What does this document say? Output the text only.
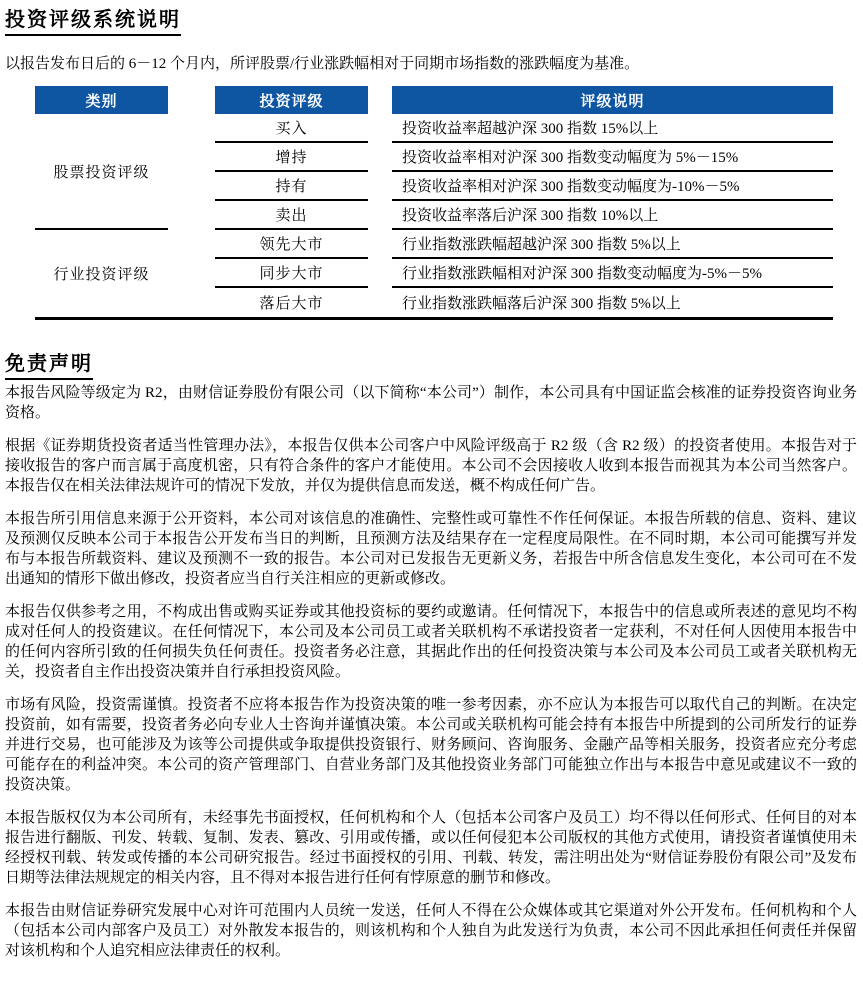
投资评级系统说明

以报告发布日后的 6－12 个月内，所评股票/行业涨跌幅相对于同期市场指数的涨跌幅度为基准。

类别	投资评级	评级说明
股票投资评级
买入	投资收益率超越沪深 300 指数 15%以上
增持	投资收益率相对沪深 300 指数变动幅度为 5%－15%
持有	投资收益率相对沪深 300 指数变动幅度为-10%－5%
卖出	投资收益率落后沪深 300 指数 10%以上
行业投资评级
领先大市	行业指数涨跌幅超越沪深 300 指数 5%以上
同步大市	行业指数涨跌幅相对沪深 300 指数变动幅度为-5%－5%
落后大市	行业指数涨跌幅落后沪深 300 指数 5%以上
免责声明

本报告风险等级定为 R2，由财信证券股份有限公司（以下简称“本公司”）制作，本公司具有中国证监会核准的证券投资咨询业务资格。

根据《证券期货投资者适当性管理办法》，本报告仅供本公司客户中风险评级高于 R2 级（含 R2 级）的投资者使用。本报告对于接收报告的客户而言属于高度机密，只有符合条件的客户才能使用。本公司不会因接收人收到本报告而视其为本公司当然客户。本报告仅在相关法律法规许可的情况下发放，并仅为提供信息而发送，概不构成任何广告。

本报告所引用信息来源于公开资料，本公司对该信息的准确性、完整性或可靠性不作任何保证。本报告所载的信息、资料、建议及预测仅反映本公司于本报告公开发布当日的判断，且预测方法及结果存在一定程度局限性。在不同时期，本公司可能撰写并发布与本报告所载资料、建议及预测不一致的报告。本公司对已发报告无更新义务，若报告中所含信息发生变化，本公司可在不发出通知的情形下做出修改，投资者应当自行关注相应的更新或修改。

本报告仅供参考之用，不构成出售或购买证券或其他投资标的要约或邀请。任何情况下，本报告中的信息或所表述的意见均不构成对任何人的投资建议。在任何情况下，本公司及本公司员工或者关联机构不承诺投资者一定获利，不对任何人因使用本报告中的任何内容所引致的任何损失负任何责任。投资者务必注意，其据此作出的任何投资决策与本公司及本公司员工或者关联机构无关，投资者自主作出投资决策并自行承担投资风险。

市场有风险，投资需谨慎。投资者不应将本报告作为投资决策的唯一参考因素，亦不应认为本报告可以取代自己的判断。在决定投资前，如有需要，投资者务必向专业人士咨询并谨慎决策。本公司或关联机构可能会持有本报告中所提到的公司所发行的证券并进行交易，也可能涉及为该等公司提供或争取提供投资银行、财务顾问、咨询服务、金融产品等相关服务，投资者应充分考虑可能存在的利益冲突。本公司的资产管理部门、自营业务部门及其他投资业务部门可能独立作出与本报告中意见或建议不一致的投资决策。

本报告版权仅为本公司所有，未经事先书面授权，任何机构和个人（包括本公司客户及员工）均不得以任何形式、任何目的对本报告进行翻版、刊发、转载、复制、发表、篡改、引用或传播，或以任何侵犯本公司版权的其他方式使用，请投资者谨慎使用未经授权刊载、转发或传播的本公司研究报告。经过书面授权的引用、刊载、转发，需注明出处为“财信证券股份有限公司”及发布日期等法律法规规定的相关内容，且不得对本报告进行任何有悖原意的删节和修改。

本报告由财信证券研究发展中心对许可范围内人员统一发送，任何人不得在公众媒体或其它渠道对外公开发布。任何机构和个人（包括本公司内部客户及员工）对外散发本报告的，则该机构和个人独自为此发送行为负责，本公司不因此承担任何责任并保留对该机构和个人追究相应法律责任的权利。
